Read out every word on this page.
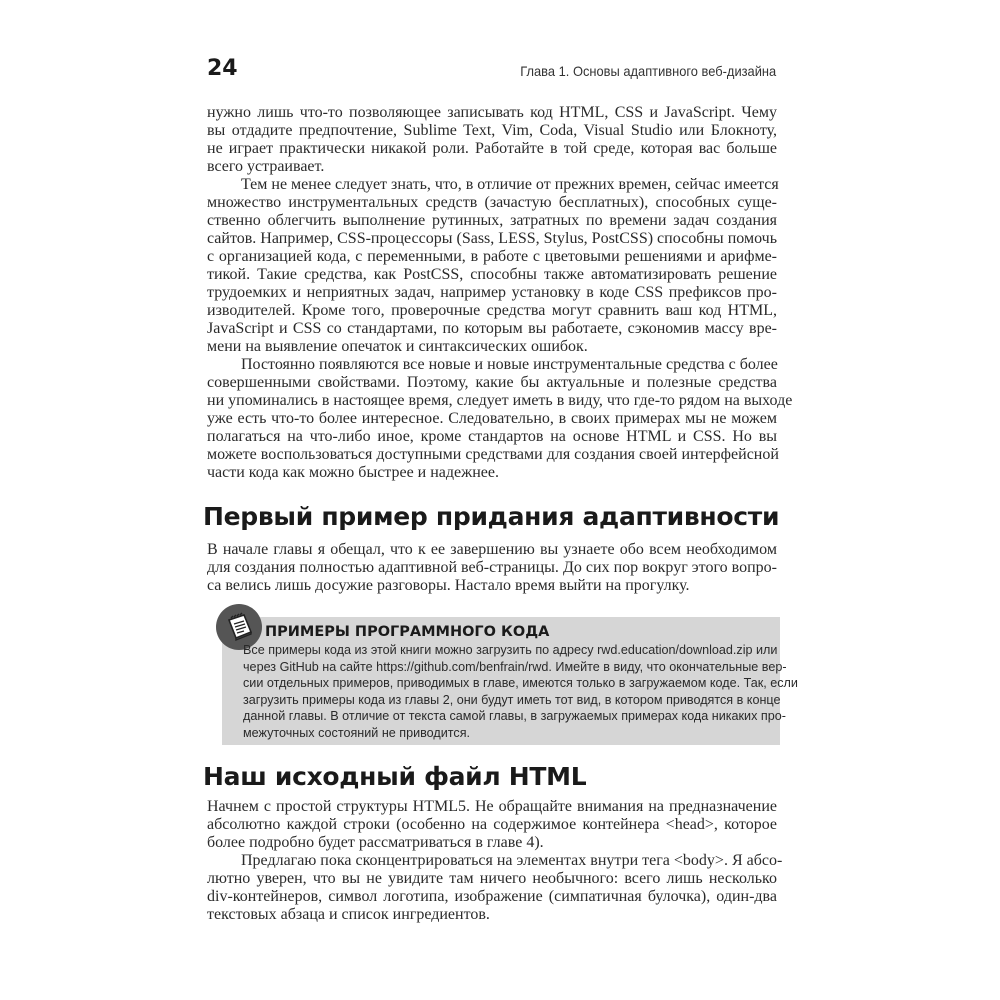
24	Глава 1. Основы адаптивного веб-дизайна
нужно лишь что-то позволяющее записывать код HTML, CSS и JavaScript. Чему
вы отдадите предпочтение, Sublime Text, Vim, Coda, Visual Studio или Блокноту,
не играет практически никакой роли. Работайте в той среде, которая вас больше
всего устраивает.
Тем не менее следует знать, что, в отличие от прежних времен, сейчас имеется
множество инструментальных средств (зачастую бесплатных), способных суще-
ственно облегчить выполнение рутинных, затратных по времени задач создания
сайтов. Например, CSS-процессоры (Sass, LESS, Stylus, PostCSS) способны помочь
с организацией кода, с переменными, в работе с цветовыми решениями и арифме-
тикой. Такие средства, как PostCSS, способны также автоматизировать решение
трудоемких и неприятных задач, например установку в коде CSS префиксов про-
изводителей. Кроме того, проверочные средства могут сравнить ваш код HTML,
JavaScript и CSS со стандартами, по которым вы работаете, сэкономив массу вре-
мени на выявление опечаток и синтаксических ошибок.
Постоянно появляются все новые и новые инструментальные средства с более
совершенными свойствами. Поэтому, какие бы актуальные и полезные средства
ни упоминались в настоящее время, следует иметь в виду, что где-то рядом на выходе
уже есть что-то более интересное. Следовательно, в своих примерах мы не можем
полагаться на что-либо иное, кроме стандартов на основе HTML и CSS. Но вы
можете воспользоваться доступными средствами для создания своей интерфейсной
части кода как можно быстрее и надежнее.
Первый пример придания адаптивности
В начале главы я обещал, что к ее завершению вы узнаете обо всем необходимом
для создания полностью адаптивной веб-страницы. До сих пор вокруг этого вопро-
са велись лишь досужие разговоры. Настало время выйти на прогулку.
ПРИМЕРЫ ПРОГРАММНОГО КОДА
Все примеры кода из этой книги можно загрузить по адресу rwd.education/download.zip или
через GitHub на сайте https://github.com/benfrain/rwd. Имейте в виду, что окончательные вер-
сии отдельных примеров, приводимых в главе, имеются только в загружаемом коде. Так, если
загрузить примеры кода из главы 2, они будут иметь тот вид, в котором приводятся в конце
данной главы. В отличие от текста самой главы, в загружаемых примерах кода никаких про-
межуточных состояний не приводится.
Наш исходный файл HTML
Начнем с простой структуры HTML5. Не обращайте внимания на предназначение
абсолютно каждой строки (особенно на содержимое контейнера <head>, которое
более подробно будет рассматриваться в главе 4).
Предлагаю пока сконцентрироваться на элементах внутри тега <body>. Я абсо-
лютно уверен, что вы не увидите там ничего необычного: всего лишь несколько
div-контейнеров, символ логотипа, изображение (симпатичная булочка), один-два
текстовых абзаца и список ингредиентов.
